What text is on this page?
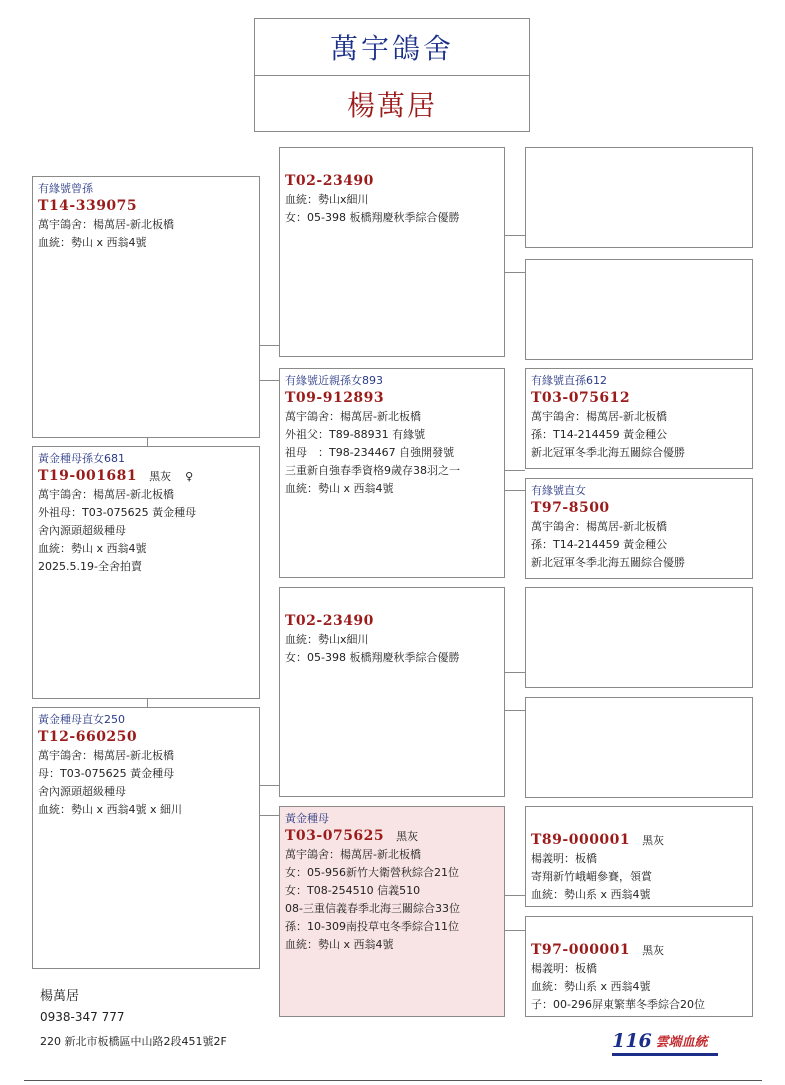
萬宇鴿舍
楊萬居
有緣號曾孫
T14-339075
萬宇鴿舍：楊萬居-新北板橋
血統：勢山 x 西翁4號
黃金種母孫女681
T19-001681 黑灰 ♀
萬宇鴿舍：楊萬居-新北板橋
外祖母：T03-075625 黃金種母
舍內源頭超級種母
血統：勢山 x 西翁4號
2025.5.19-全舍拍賣
黃金種母直女250
T12-660250
萬宇鴿舍：楊萬居-新北板橋
母：T03-075625 黃金種母
舍內源頭超級種母
血統：勢山 x 西翁4號 x 細川
T02-23490
血統：勢山x細川
女：05-398 板橋翔慶秋季綜合優勝
有緣號近親孫女893
T09-912893
萬宇鴿舍：楊萬居-新北板橋
外祖父：T89-88931 有緣號
祖母　：T98-234467 自強開發號
三重新自強春季資格9歲存38羽之一
血統：勢山 x 西翁4號
T02-23490
血統：勢山x細川
女：05-398 板橋翔慶秋季綜合優勝
黃金種母
T03-075625 黑灰
萬宇鴿舍：楊萬居-新北板橋
女：05-956新竹大衛營秋綜合21位
女：T08-254510 信義510
08-三重信義春季北海三關綜合33位
孫：10-309南投草屯冬季綜合11位
血統：勢山 x 西翁4號
有緣號直孫612
T03-075612
萬宇鴿舍：楊萬居-新北板橋
孫：T14-214459 黃金種公
新北冠軍冬季北海五關綜合優勝
有緣號直女
T97-8500
萬宇鴿舍：楊萬居-新北板橋
孫：T14-214459 黃金種公
新北冠軍冬季北海五關綜合優勝
T89-000001 黑灰
楊義明：板橋
寄翔新竹峨嵋參賽，領賞
血統：勢山系 x 西翁4號
T97-000001 黑灰
楊義明：板橋
血統：勢山系 x 西翁4號
子：00-296屏東繁華冬季綜合20位
楊萬居
0938-347 777
220 新北市板橋區中山路2段451號2F	116 雲端血統
